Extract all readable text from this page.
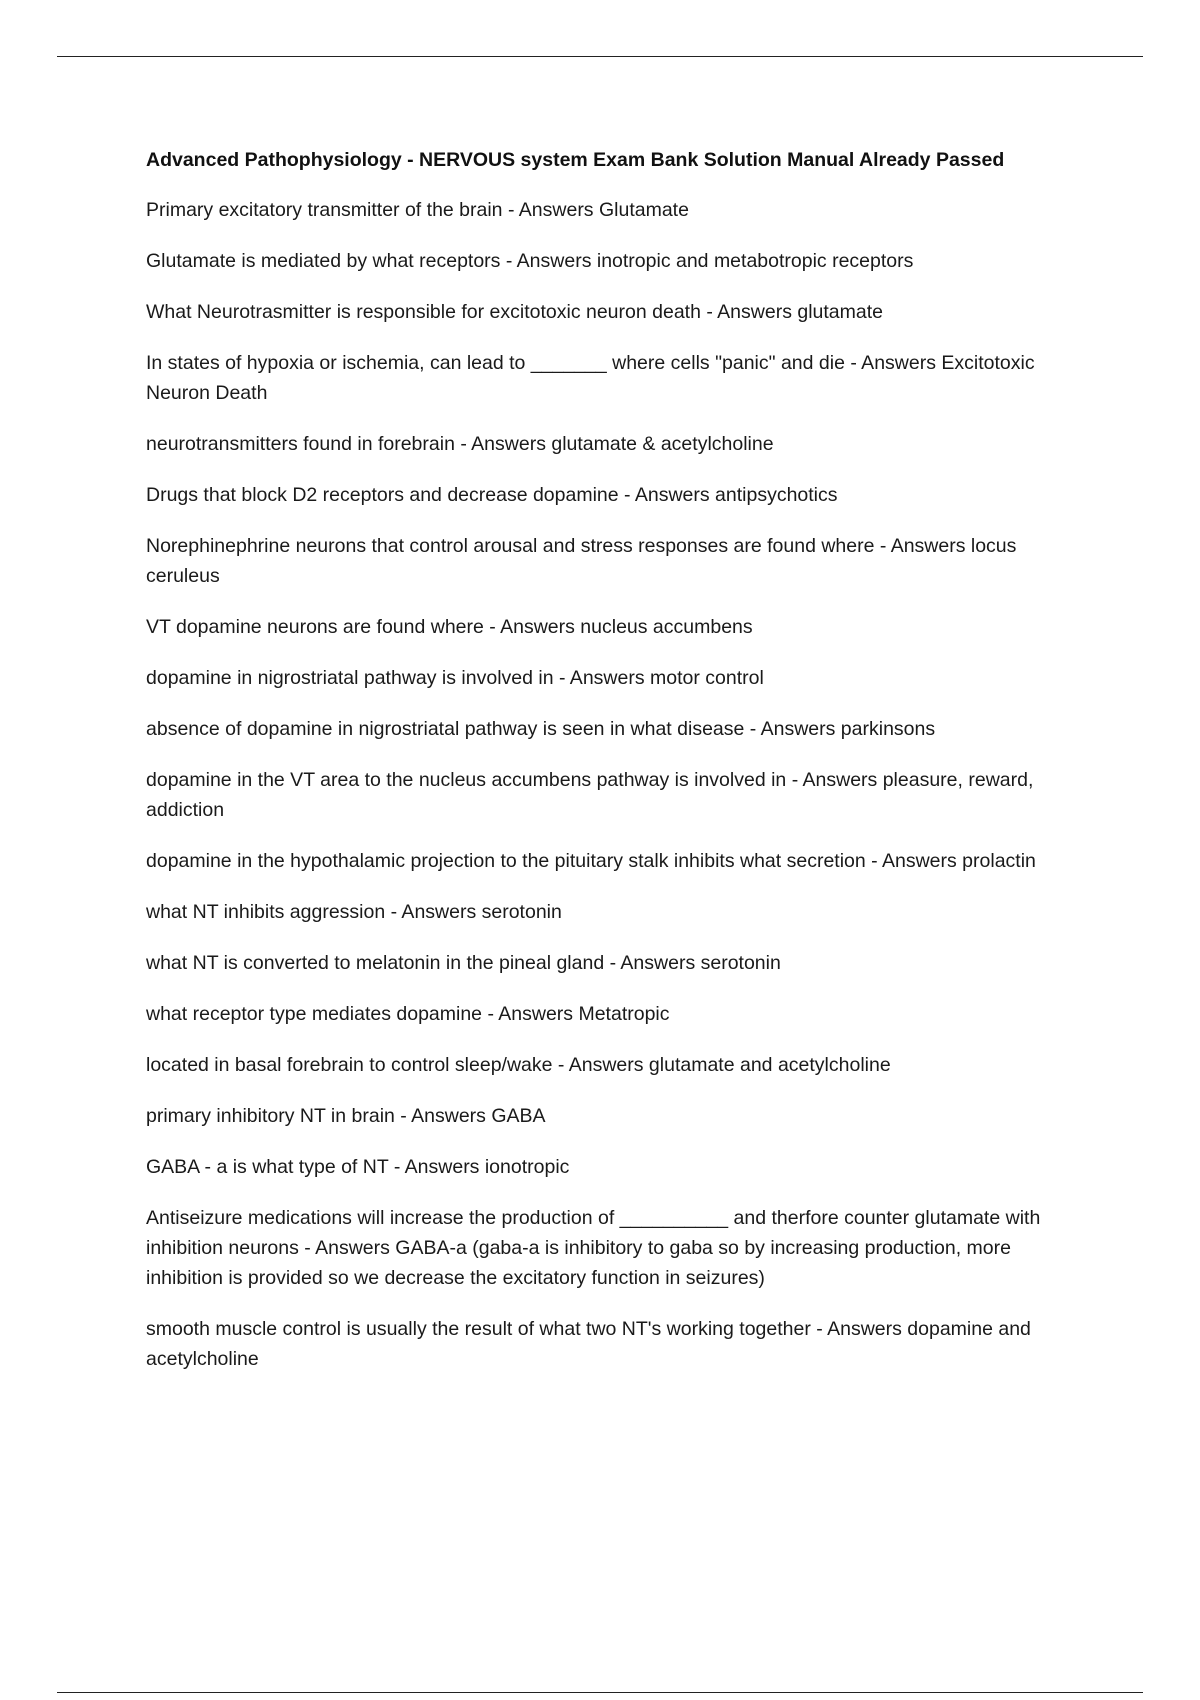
Advanced Pathophysiology - NERVOUS system Exam Bank Solution Manual Already Passed
Primary excitatory transmitter of the brain - Answers Glutamate
Glutamate is mediated by what receptors - Answers inotropic and metabotropic receptors
What Neurotrasmitter is responsible for excitotoxic neuron death - Answers glutamate
In states of hypoxia or ischemia, can lead to _______ where cells "panic" and die - Answers Excitotoxic Neuron Death
neurotransmitters found in forebrain - Answers glutamate & acetylcholine
Drugs that block D2 receptors and decrease dopamine - Answers antipsychotics
Norephinephrine neurons that control arousal and stress responses are found where - Answers locus ceruleus
VT dopamine neurons are found where - Answers nucleus accumbens
dopamine in nigrostriatal pathway is involved in - Answers motor control
absence of dopamine in nigrostriatal pathway is seen in what disease - Answers parkinsons
dopamine in the VT area to the nucleus accumbens pathway is involved in - Answers pleasure, reward, addiction
dopamine in the hypothalamic projection to the pituitary stalk inhibits what secretion - Answers prolactin
what NT inhibits aggression - Answers serotonin
what NT is converted to melatonin in the pineal gland - Answers serotonin
what receptor type mediates dopamine - Answers Metatropic
located in basal forebrain to control sleep/wake - Answers glutamate and acetylcholine
primary inhibitory NT in brain - Answers GABA
GABA - a is what type of NT - Answers ionotropic
Antiseizure medications will increase the production of __________ and therfore counter glutamate with inhibition neurons - Answers GABA-a (gaba-a is inhibitory to gaba so by increasing production, more inhibition is provided so we decrease the excitatory function in seizures)
smooth muscle control is usually the result of what two NT's working together - Answers dopamine and acetylcholine
